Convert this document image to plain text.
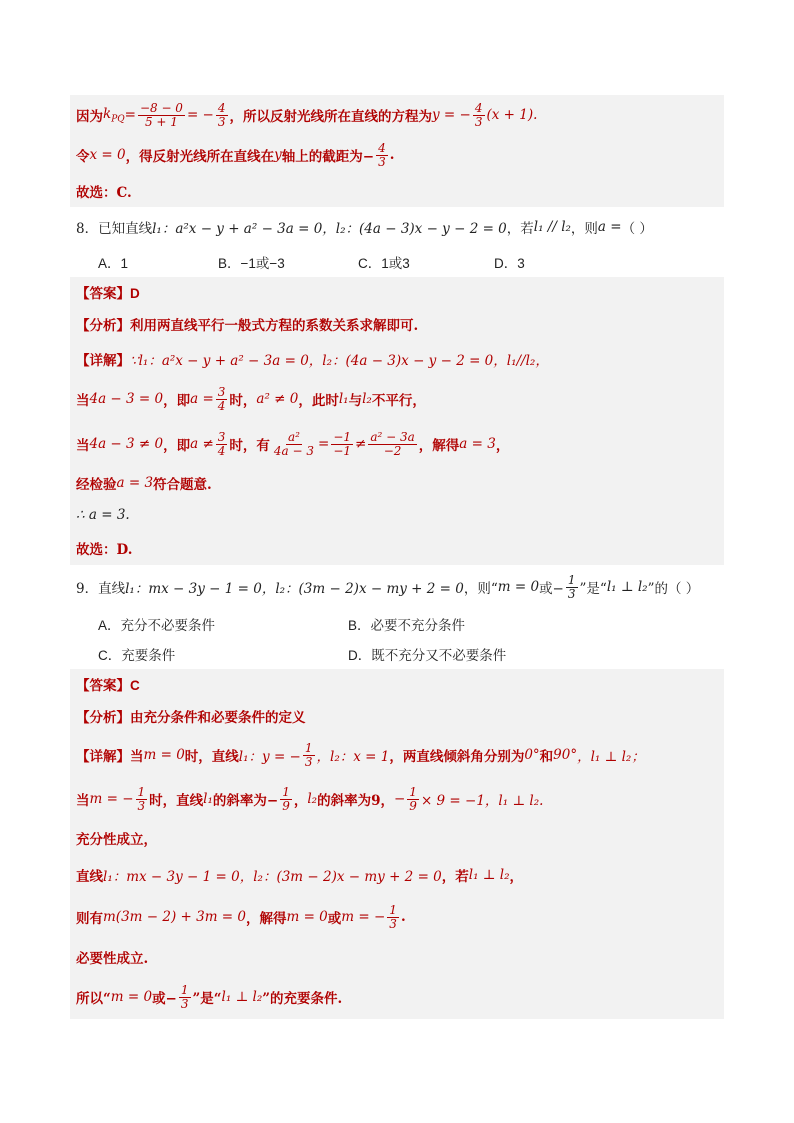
因为 $k_{PQ} = \frac{-8 - 0}{5 + 1}$ = − $\frac{4}{3}$ ，所以反射光线所在直线的方程为 y = − $\frac{4}{3} (x + 1)$.
令 x = 0 ，得反射光线所在直线在 y 轴上的截距为− $\frac{4}{3}$ .
故选：C.
8．已知直线 l₁：a²x − y + a² − 3a = 0，l₂：(4a − 3)x − y − 2 = 0 ，若 l₁ // l₂ ，则 a = （ ）
A．1	B．−1或−3	C．1或3	D．3
【答案】D
【分析】利用两直线平行一般式方程的系数关系求解即可.
【详解】 ∵l₁：a²x − y + a² − 3a = 0，l₂：(4a − 3)x − y − 2 = 0，l₁//l₂，
当 4a − 3 = 0 ，即 $a = \frac{3}{4}$ 时， a² ≠ 0 ，此时 l₁ 与 l₂ 不平行，
当 4a − 3 ≠ 0 ，即 $a \ne \frac{3}{4}$ 时，有 $\frac{\text{a²}}{4a - 3} = \frac{-1}{-1} \ne \frac{\text{a² − 3a}}{-2}$ ，解得 a = 3 ，
经检验 a = 3 符合题意.
∴ a = 3.
故选：D.
9．直线 l₁：mx − 3y − 1 = 0，l₂：(3m − 2)x − my + 2 = 0 ，则“ m = 0 或− $\frac{1}{3}$ ”是“ l₁ ⊥ l₂ ”的（ ）
A．充分不必要条件	B．必要不充分条件
C．充要条件	D．既不充分又不必要条件
【答案】C
【分析】由充分条件和必要条件的定义
【详解】当 m = 0 时，直线 l₁：y = − $\frac{1}{3}$ ，l₂：x = 1 ，两直线倾斜角分别为 0° 和 90° ，l₁ ⊥ l₂；
当 m = − $\frac{1}{3}$ 时，直线 l₁ 的斜率为− $\frac{1}{9}$ ， l₂ 的斜率为9， − $\frac{1}{9} \times 9 = -1$，l₁ ⊥ l₂.
充分性成立，
直线 l₁：mx − 3y − 1 = 0，l₂：(3m − 2)x − my + 2 = 0 ，若 l₁ ⊥ l₂ ，
则有 m(3m − 2) + 3m = 0 ，解得 m = 0 或 m = − $\frac{1}{3}$ .
必要性成立.
所以“ m = 0 或− $\frac{1}{3}$ ”是“ l₁ ⊥ l₂ ”的充要条件.
